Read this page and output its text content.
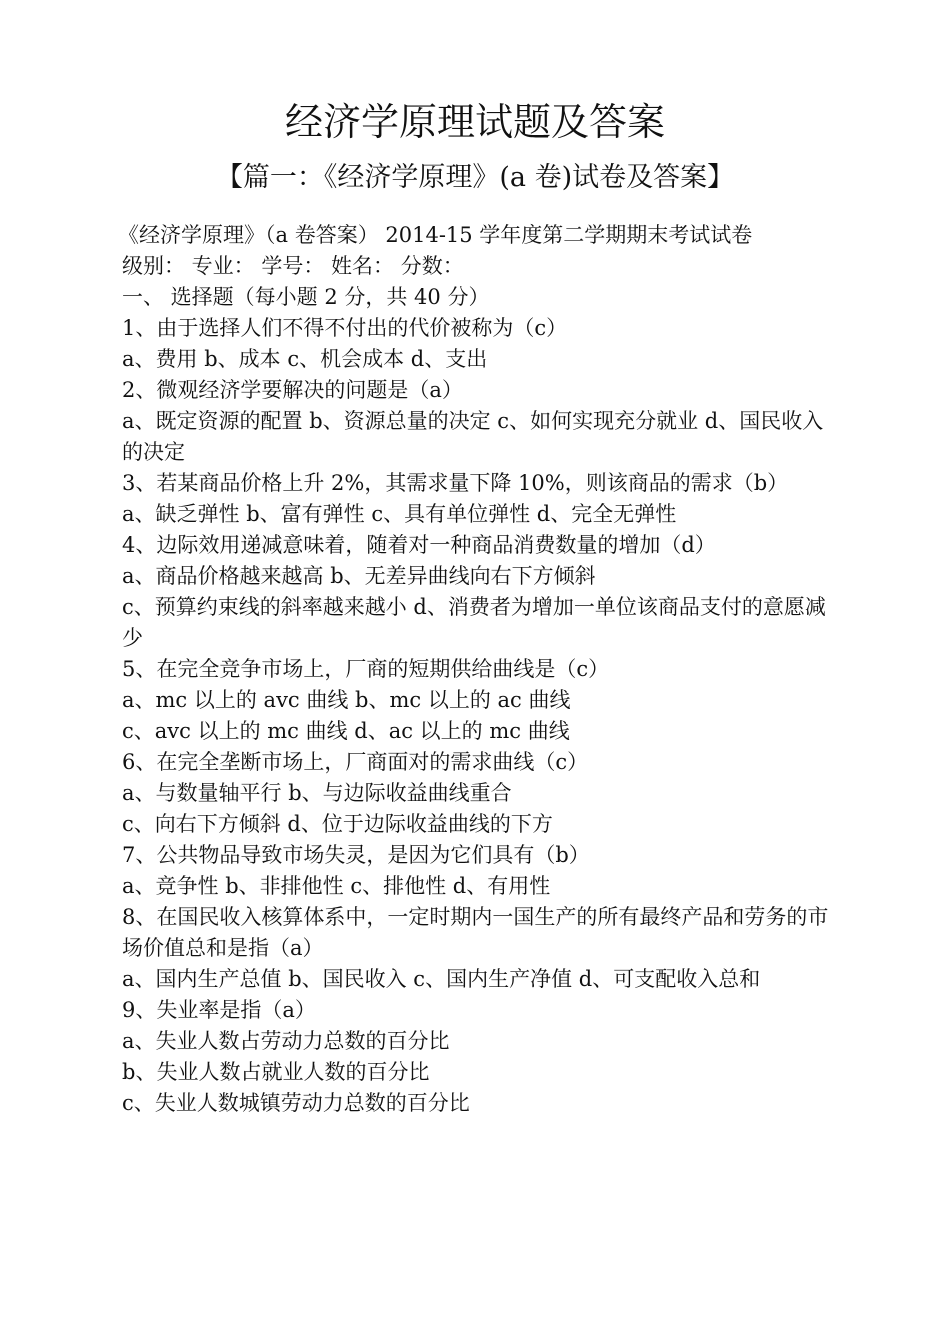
经济学原理试题及答案
【篇一：《经济学原理》(a 卷)试卷及答案】
《经济学原理》（a 卷答案） 2014-15 学年度第二学期期末考试试卷
级别： 专业： 学号： 姓名： 分数：
一、 选择题（每小题 2 分，共 40 分）
1、由于选择人们不得不付出的代价被称为（c）
a、费用 b、成本 c、机会成本 d、支出
2、微观经济学要解决的问题是（a）
a、既定资源的配置 b、资源总量的决定 c、如何实现充分就业 d、国民收入的决定
3、若某商品价格上升 2%，其需求量下降 10%，则该商品的需求（b）
a、缺乏弹性 b、富有弹性 c、具有单位弹性 d、完全无弹性
4、边际效用递减意味着，随着对一种商品消费数量的增加（d）
a、商品价格越来越高 b、无差异曲线向右下方倾斜
c、预算约束线的斜率越来越小 d、消费者为增加一单位该商品支付的意愿减少
5、在完全竞争市场上，厂商的短期供给曲线是（c）
a、mc 以上的 avc 曲线 b、mc 以上的 ac 曲线
c、avc 以上的 mc 曲线 d、ac 以上的 mc 曲线
6、在完全垄断市场上，厂商面对的需求曲线（c）
a、与数量轴平行 b、与边际收益曲线重合
c、向右下方倾斜 d、位于边际收益曲线的下方
7、公共物品导致市场失灵，是因为它们具有（b）
a、竞争性 b、非排他性 c、排他性 d、有用性
8、在国民收入核算体系中，一定时期内一国生产的所有最终产品和劳务的市场价值总和是指（a）
a、国内生产总值 b、国民收入 c、国内生产净值 d、可支配收入总和
9、失业率是指（a）
a、失业人数占劳动力总数的百分比
b、失业人数占就业人数的百分比
c、失业人数城镇劳动力总数的百分比
